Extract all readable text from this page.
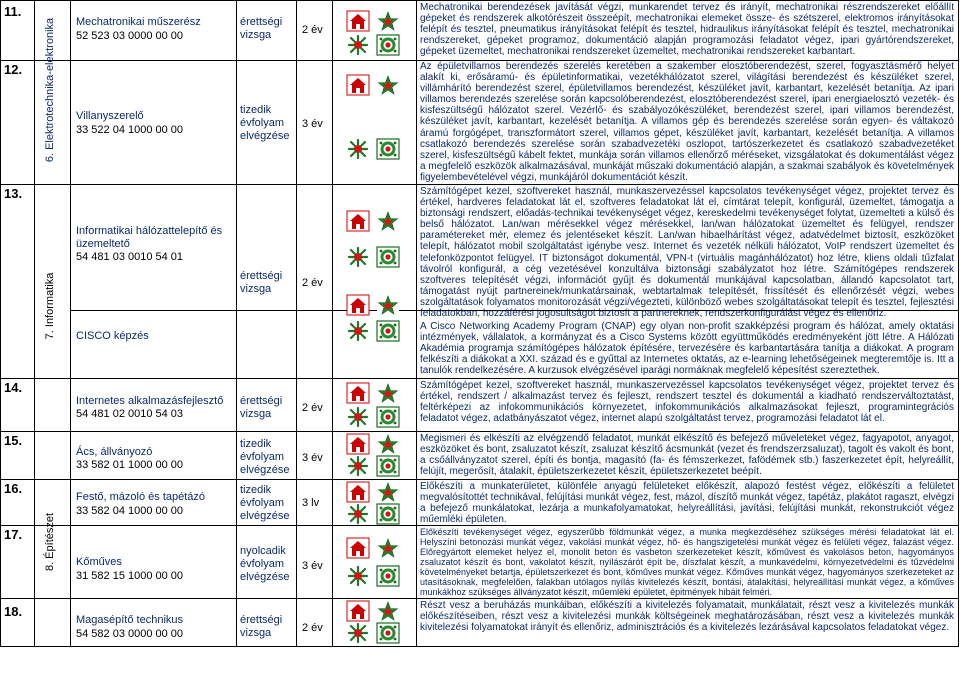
11.
12.
13.
14.
15.
16.
17.
18.
6. Elektrotechnika-elektronika
7. Informatika
8. Építészet
Mechatronikai műszerész
52 523 03 0000 00 00
Villanyszerelő
33 522 04 1000 00 00
Informatikai hálózattelepítő és üzemeltető
54 481 03 0010 54 01
CISCO képzés
Internetes alkalmazásfejlesztő
54 481 02 0010 54 03
Ács, állványozó
33 582 01 1000 00 00
Festő, mázoló és tapétázó
33 582 04 1000 00 00
Kőműves
31 582 15 1000 00 00
Magasépítő technikus
54 582 03 0000 00 00
érettségi vizsga
tizedik évfolyam elvégzése
érettségi vizsga
érettségi vizsga
tizedik évfolyam elvégzése
tizedik évfolyam elvégzése
nyolcadik évfolyam elvégzése
érettségi vizsga
2 év
3 év
2 év
2 év
3 év
3 lv
3 év
2 év
Mechatronikai berendezések javítását végzi, munkarendet tervez és irányít, mechatronikai részrendszereket előállít gépeket és rendszerek alkotórészeit összeépít, mechatronikai elemeket össze- és szétszerel, elektromos irányításokat felépít és tesztel, pneumatikus irányításokat felépít és tesztel, hidraulikus irányításokat felépít és tesztel, mechatronikai rendszereket, gépeket programoz, dokumentáció alapján programozási feladatot végez, ipari gyártórendszereket, gépeket üzemeltet, mechatronikai rendszereket üzemeltet, mechatronikai rendszereket karbantart.
Az épületvillamos berendezés szerelés keretében a szakember elosztóberendezést, szerel, fogyasztásmérő helyet alakít ki, erősáramú- és épületinformatikai, vezetékhálózatot szerel, világítási berendezést és készüléket szerel, villámhárító berendezést szerel, épületvillamos berendezést, készüléket javít, karbantart, kezelését betanítja. Az ipari villamos berendezés szerelése során kapcsolóberendezést, elosztóberendezést szerel, ipari energiaelosztó vezeték- és kisfeszültségű hálózatot szerel. Vezérlő- és szabályozókészüléket, berendezést szerel, ipari villamos berendezést, készüléket javít, karbantart, kezelését betanítja. A villamos gép és berendezés szerelése során egyen- és váltakozó áramú forgógépet, transzformátort szerel, villamos gépet, készüléket javít, karbantart, kezelését betanítja. A villamos csatlakozó berendezés szerelése során szabadvezetéki oszlopot, tartószerkezetet és csatlakozó szabadvezetéket szerel, kisfeszültségű kábelt fektet, munkája során villamos ellenőrző méréseket, vizsgálatokat és dokumentálást végez a megfelelő eszközök alkalmazásával, munkáját műszaki dokumentáció alapján, a szakmai szabályok és követelmények figyelembevételével végzi, munkájáról dokumentációt készít.
Számítógépet kezel, szoftvereket használ, munkaszervezéssel kapcsolatos tevékenységet végez, projektet tervez és értékel, hardveres feladatokat lát el, szoftveres feladatokat lát el, címtárat telepít, konfigurál, üzemeltet, támogatja a biztonsági rendszert, előadás-technikai tevékenységet végez, kereskedelmi tevékenységet folytat, üzemelteti a külső és belső hálózatot. Lan/wan mérésekkel végez mérésekkel, lan/wan hálózatokat üzemeltet és felügyel, rendszer paramétereket mér, elemez és jelentéseket készít. Lan/wan hibaelhárítást végez, adatvédelmet biztosít, eszközöket telepít, hálózatot mobil szolgáltatást igénybe vesz. Internet és vezeték nélküli hálózatot, VoIP rendszert üzemeltet és telefonközpontot felügyel. IT biztonságot dokumentál, VPN-t (virtuális magánhálózatot) hoz létre, kliens oldali tűzfalat távolról konfigurál, a cég vezetésével konzultálva biztonsági szabályzatot hoz létre. Számítógépes rendszerek szoftveres telepítését végzi, információt gyűjt és dokumentál munkájával kapcsolatban, állandó kapcsolatot tart, támogatást nyújt partnereinek/munkatársainak, webtartalmak telepítését, frissítését és ellenőrzését végzi, webes szolgáltatások folyamatos monitorozását végzi/végezteti, különböző webes szolgáltatásokat telepít és tesztel, fejlesztési feladatokban, hozzáférési jogosultságot biztosít a partnereknek, rendszerkonfigurálást végez és ellenőriz.
A Cisco Networking Academy Program (CNAP) egy olyan non-profit szakképzési program és hálózat, amely oktatási intézmények, vállalatok, a kormányzat és a Cisco Systems között együttműködés eredményeként jött létre. A Hálózati Akadémia programja számítógépes hálózatok építésére, tervezésére és karbantartására tanítja a diákokat. A program felkészíti a diákokat a XXI. század és e gyűttal az Internetes oktatás, az e-learning lehetőségeinek megteremtője is. Itt a tanulók rendelkezésére. A kurzusok elvégzésével iparági normáknak megfelelő képesítést szereztethek.
Számítógépet kezel, szoftvereket használ, munkaszervezéssel kapcsolatos tevékenységet végez, projektet tervez és értékel, rendszert / alkalmazást tervez és fejleszt, rendszert tesztel és dokumentál a kiadható rendszerváltoztatást, feltérképezi az infokommunikációs környezetet, infokommunikációs alkalmazásokat fejleszt, programintegrációs feladatot végez, adatbányászatot végez, internet alapú szolgáltatást tervez, programozási feladatot lát el.
Megismeri és elkészíti az elvégzendő feladatot, munkát elkészítő és befejező műveleteket végez, fagyapotot, anyagot, eszközöket és bont, zsaluzatot készít, zsaluzat készítő ácsmunkát (vezet és frendszerzsaluzat), tagolt és vakolt és bont, a csőállványzatot szerel, építi és bontja, magasító (fa- és fémszerkezet, fafödémek stb.) faszerkezetet épít, helyreállít, felújít, megerősít, átalakít, épületszerkezetet készít, épületszerkezetet beépít.
Előkészíti a munkaterületet, különféle anyagú felületeket előkészít, alapozó festést végez, előkészíti a felületet megvalósítottét technikával, felújítási munkát végez, fest, mázol, díszítő munkát végez, tapétáz, plakátot ragaszt, elvégzi a befejező munkálatokat, lezárja a munkafolyamatokat, helyreállítási, javítási, felújítási munkát, rekonstrukciót végez műemléki épületen.
Előkészíti tevékenységet végez, egyszerűbb földmunkát végez, a munka megkezdéséhez szükséges mérési feladatokat lát el. Helyszíni betonozási munkát végez, vakolási munkát végez, hő- és hangszigetelési munkát végez és felületi végez, falazást végez. Előregyártott elemeket helyez el, monolit beton és vasbeton szerkezeteket készít, kőművest és vakolásos beton, hagyományos zsaluzatot készít és bont, vakolatot készít, nyílászárót épít be, díszfalat készít, a munkavédelmi, környezetvédelmi és tűzvédelmi követelményeket betartja, épületszerkezet és bont, kőműves munkát végez. Kőműves munkát végez, hagyományos szerkezeteket az utasításoknak, megfelelően, falakban utólagos nyílás kivitelezés készít, bontási, átalakítási, helyreállítási munkát végez, a kőműves munkákhoz szükséges állványzatot készít, műemléki épületet, épitmények hibáit felméri.
Részt vesz a beruházás munkáiban, előkészíti a kivitelezés folyamatait, munkálatait, részt vesz a kivitelezés munkák előkészítéseiben, részt vesz a kivitelezési munkák költségeinek meghatározásában, részt vesz a kivitelezés munkák kivitelezési folyamatokat irányít és ellenőriz, adminisztrációs és a kivitelezés lezárásával kapcsolatos feladatokat végez.
